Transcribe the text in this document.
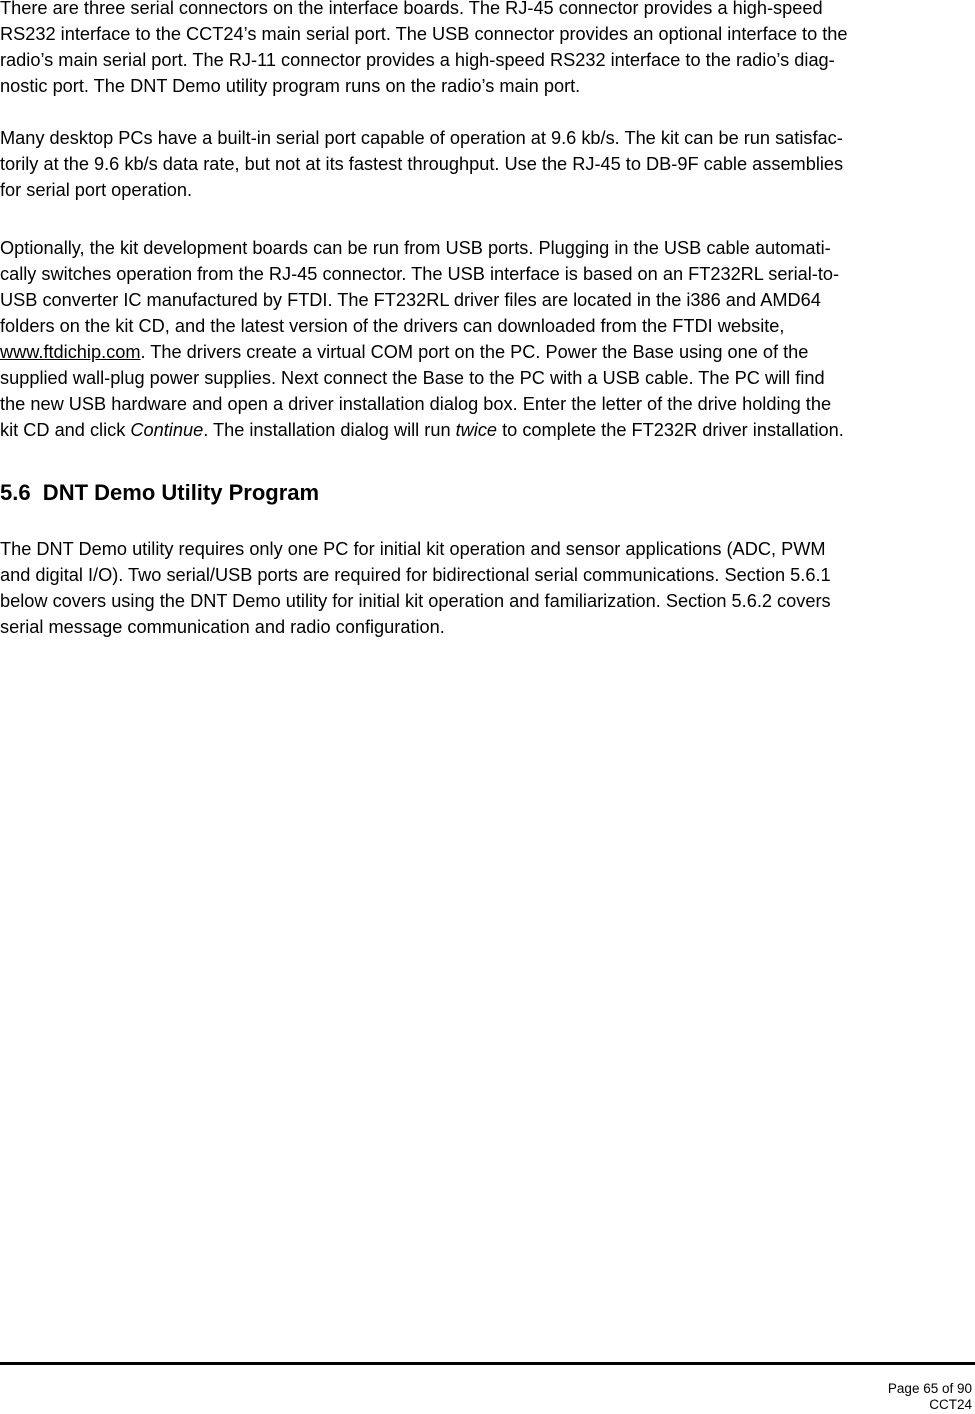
There are three serial connectors on the interface boards. The RJ-45 connector provides a high-speed
RS232 interface to the CCT24’s main serial port. The USB connector provides an optional interface to the
radio’s main serial port. The RJ-11 connector provides a high-speed RS232 interface to the radio’s diag-
nostic port. The DNT Demo utility program runs on the radio’s main port.

Many desktop PCs have a built-in serial port capable of operation at 9.6 kb/s. The kit can be run satisfac-
torily at the 9.6 kb/s data rate, but not at its fastest throughput. Use the RJ-45 to DB-9F cable assemblies
for serial port operation.

Optionally, the kit development boards can be run from USB ports. Plugging in the USB cable automati-
cally switches operation from the RJ-45 connector. The USB interface is based on an FT232RL serial-to-
USB converter IC manufactured by FTDI. The FT232RL driver files are located in the i386 and AMD64
folders on the kit CD, and the latest version of the drivers can downloaded from the FTDI website,
www.ftdichip.com. The drivers create a virtual COM port on the PC. Power the Base using one of the
supplied wall-plug power supplies. Next connect the Base to the PC with a USB cable. The PC will find
the new USB hardware and open a driver installation dialog box. Enter the letter of the drive holding the
kit CD and click Continue. The installation dialog will run twice to complete the FT232R driver installation.

5.6  DNT Demo Utility Program

The DNT Demo utility requires only one PC for initial kit operation and sensor applications (ADC, PWM
and digital I/O). Two serial/USB ports are required for bidirectional serial communications. Section 5.6.1
below covers using the DNT Demo utility for initial kit operation and familiarization. Section 5.6.2 covers
serial message communication and radio configuration.

Page 65 of 90
CCT24
